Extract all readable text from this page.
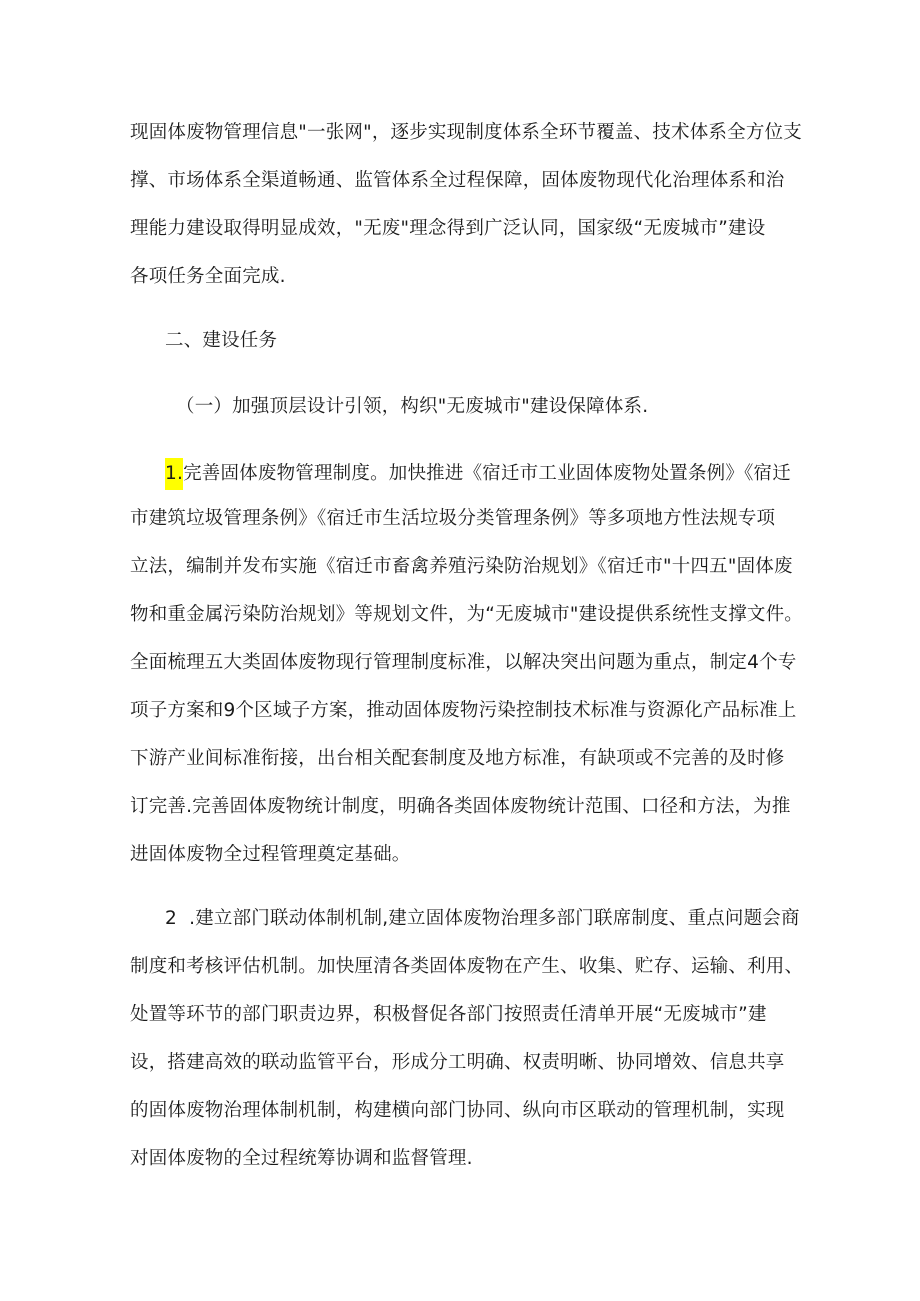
现固体废物管理信息"一张网"，逐步实现制度体系全环节覆盖、技术体系全方位支
撑、市场体系全渠道畅通、监管体系全过程保障，固体废物现代化治理体系和治
理能力建设取得明显成效，"无废"理念得到广泛认同，国家级“无废城市”建设
各项任务全面完成.
二、建设任务
（一）加强顶层设计引领，构织"无废城市"建设保障体系.
1.完善固体废物管理制度。加快推进《宿迁市工业固体废物处置条例》《宿迁
市建筑垃圾管理条例》《宿迁市生活垃圾分类管理条例》等多项地方性法规专项
立法，编制并发布实施《宿迁市畜禽养殖污染防治规划》《宿迁市"十四五"固体废
物和重金属污染防治规划》等规划文件，为“无废城市"建设提供系统性支撑文件。
全面梳理五大类固体废物现行管理制度标准，以解决突出问题为重点，制定4个专
项子方案和9个区域子方案，推动固体废物污染控制技术标准与资源化产品标准上
下游产业间标准衔接，出台相关配套制度及地方标准，有缺项或不完善的及时修
订完善.完善固体废物统计制度，明确各类固体废物统计范围、口径和方法，为推
进固体废物全过程管理奠定基础。
2  .建立部门联动体制机制,建立固体废物治理多部门联席制度、重点问题会商
制度和考核评估机制。加快厘清各类固体废物在产生、收集、贮存、运输、利用、
处置等环节的部门职责边界，积极督促各部门按照责任清单开展“无废城市”建
设，搭建高效的联动监管平台，形成分工明确、权责明晰、协同增效、信息共享
的固体废物治理体制机制，构建横向部门协同、纵向市区联动的管理机制，实现
对固体废物的全过程统筹协调和监督管理.
